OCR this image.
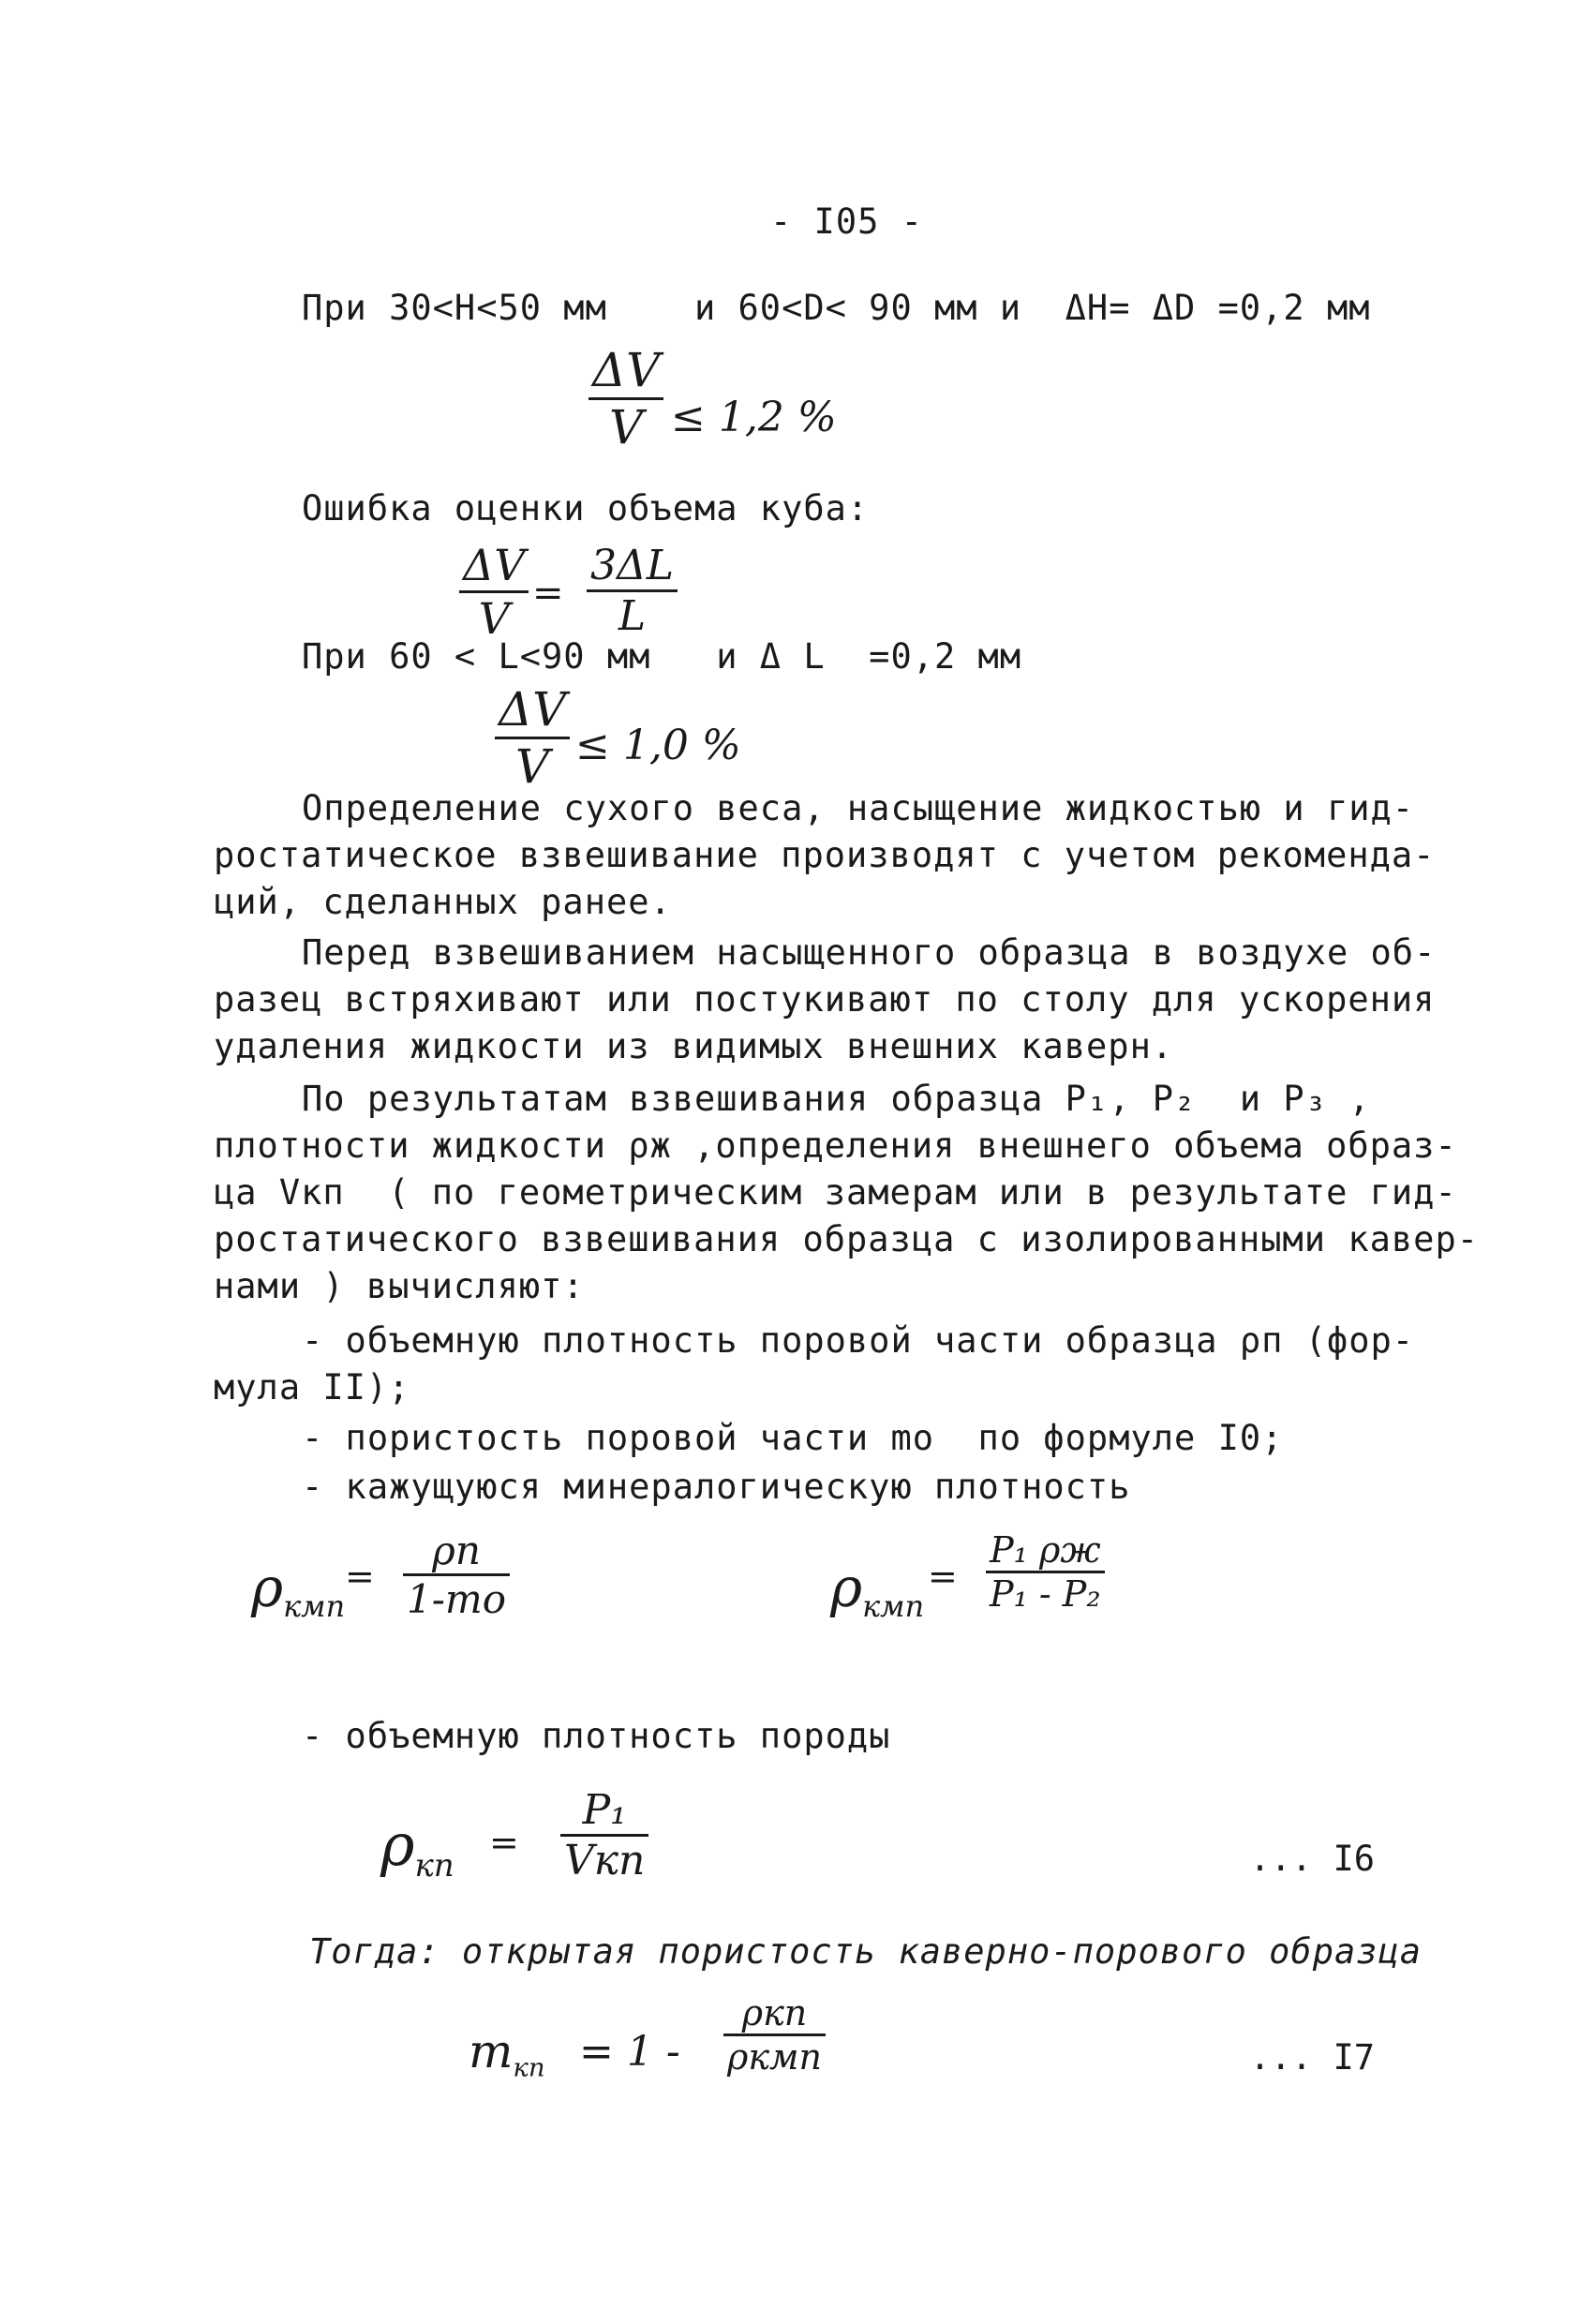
- I05 -
При 30<H<50 мм    и 60<D< 90 мм и  ΔH= ΔD =0,2 мм
ΔV
V ≤ 1,2 %
Ошибка оценки объема куба:
ΔV
V =
3ΔL
L
При 60 < L<90 мм   и Δ L  =0,2 мм
ΔV
V ≤ 1,0 %
Определение сухого веса, насыщение жидкостью и гид-
ростатическое взвешивание производят с учетом рекоменда-
ций, сделанных ранее.
Перед взвешиванием насыщенного образца в воздухе об-
разец встряхивают или постукивают по столу для ускорения
удаления жидкости из видимых внешних каверн.
По результатам взвешивания образца P₁, P₂  и P₃ ,
плотности жидкости ρж ,определения внешнего объема образ-
ца Vкп  ( по геометрическим замерам или в результате гид-
ростатического взвешивания образца с изолированными кавер-
нами ) вычисляют:
- объемную плотность поровой части образца ρп (фор-
мула II);
- пористость поровой части mo  по формуле I0;
- кажущуюся минералогическую плотность
$\rho_{кмп}$
=
ρп
1-mo	$\rho_{кмп}$
=
P₁ ρж
P₁ - P₂
- объемную плотность породы
$\rho_{кп}$
=
P₁
Vкп	... I6
Тогда: открытая пористость каверно-порового образца
$m_{кп} = 1$ -
ρкп
ρкмп	... I7
